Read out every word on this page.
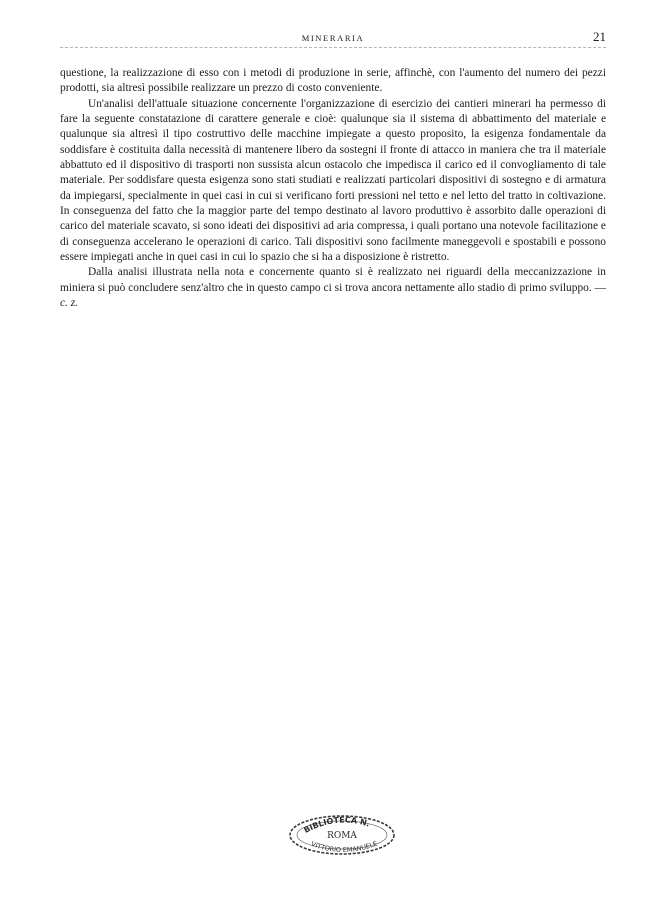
MINERARIA	21

questione, la realizzazione di esso con i metodi di produzione in serie, affinchè, con l'aumento del numero dei pezzi prodotti, sia altresì possibile realizzare un prezzo di costo conveniente.

Un'analisi dell'attuale situazione concernente l'organizzazione di esercizio dei cantieri minerari ha permesso di fare la seguente constatazione di carattere generale e cioè: qualunque sia il sistema di abbattimento del materiale e qualunque sia altresì il tipo costruttivo delle macchine impiegate a questo proposito, la esigenza fondamentale da soddisfare è costituita dalla necessità di mantenere libero da sostegni il fronte di attacco in maniera che tra il materiale abbattuto ed il dispositivo di trasporti non sussista alcun ostacolo che impedisca il carico ed il convogliamento di tale materiale. Per soddisfare questa esigenza sono stati studiati e realizzati particolari dispositivi di sostegno e di armatura da impiegarsi, specialmente in quei casi in cui si verificano forti pressioni nel tetto e nel letto del tratto in coltivazione. In conseguenza del fatto che la maggior parte del tempo destinato al lavoro produttivo è assorbito dalle operazioni di carico del materiale scavato, si sono ideati dei dispositivi ad aria compressa, i quali portano una notevole facilitazione e di conseguenza accelerano le operazioni di carico. Tali dispositivi sono facilmente maneggevoli e spostabili e possono essere impiegati anche in quei casi in cui lo spazio che si ha a disposizione è ristretto.

Dalla analisi illustrata nella nota e concernente quanto si è realizzato nei riguardi della meccanizzazione in miniera si può concludere senz'altro che in questo campo ci si trova ancora nettamente allo stadio di primo sviluppo. — c. z.

BIBLIOTECA N.
ROMA
VITTORIO EMANUELE
